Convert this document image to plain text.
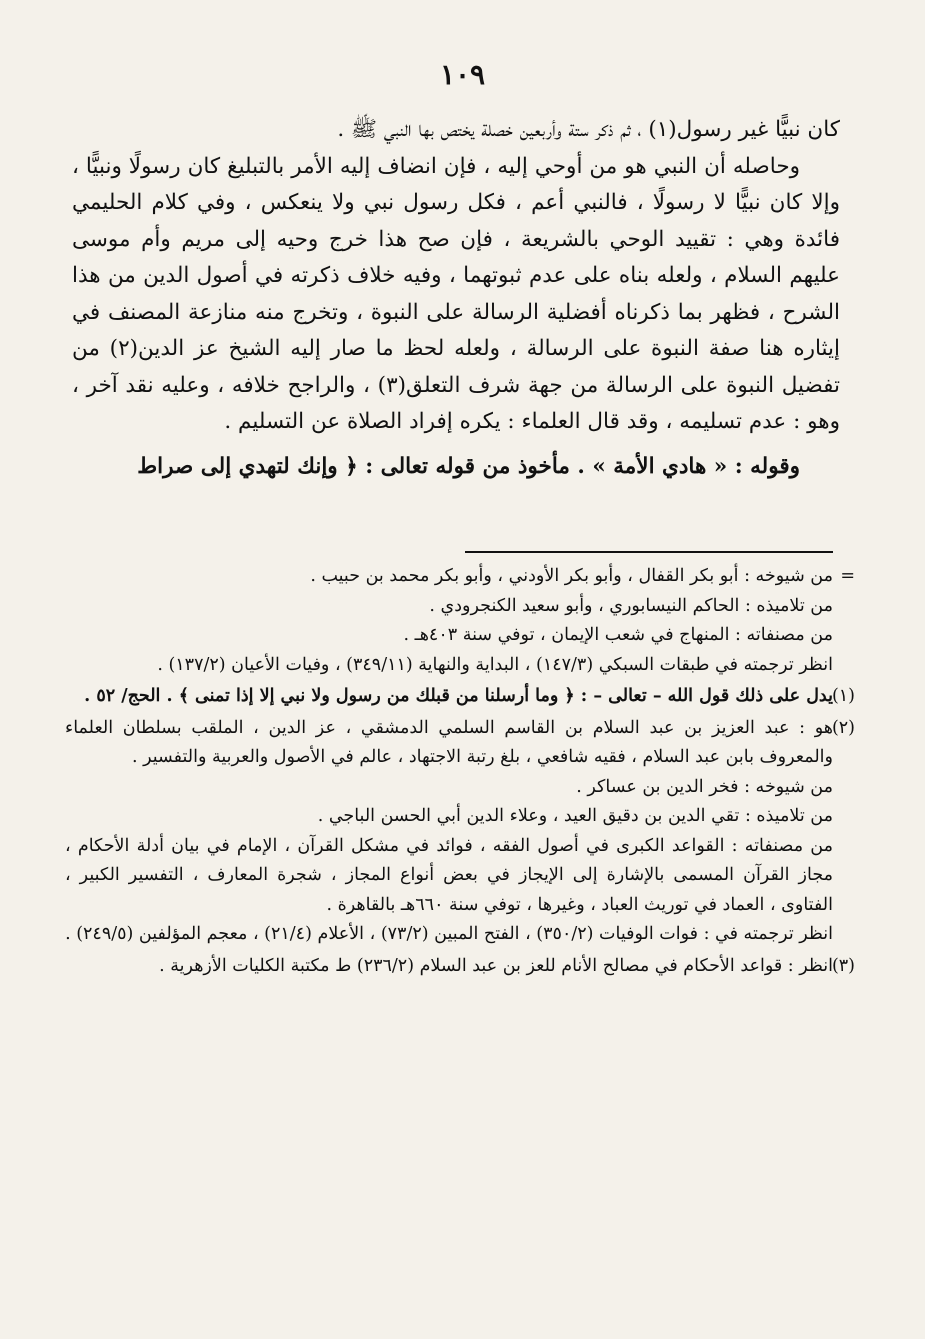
١٠٩

كان نبيًّا غير رسول(١) ، ثم ذكر ستة وأربعين خصلة يختص بها النبي ﷺ .

وحاصله أن النبي هو من أوحي إليه ، فإن انضاف إليه الأمر بالتبليغ كان رسولًا ونبيًّا ، وإلا كان نبيًّا لا رسولًا ، فالنبي أعم ، فكل رسول نبي ولا ينعكس ، وفي كلام الحليمي فائدة وهي : تقييد الوحي بالشريعة ، فإن صح هذا خرج وحيه إلى مريم وأم موسى عليهم السلام ، ولعله بناه على عدم ثبوتهما ، وفيه خلاف ذكرته في أصول الدين من هذا الشرح ، فظهر بما ذكرناه أفضلية الرسالة على النبوة ، وتخرج منه منازعة المصنف في إيثاره هنا صفة النبوة على الرسالة ، ولعله لحظ ما صار إليه الشيخ عز الدين(٢) من تفضيل النبوة على الرسالة من جهة شرف التعلق(٣) ، والراجح خلافه ، وعليه نقد آخر ، وهو : عدم تسليمه ، وقد قال العلماء : يكره إفراد الصلاة عن التسليم .

وقوله : « هادي الأمة » . مأخوذ من قوله تعالى : ﴿ وإنك لتهدي إلى صراط

=

من شيوخه : أبو بكر القفال ، وأبو بكر الأودني ، وأبو بكر محمد بن حبيب .

من تلاميذه : الحاكم النيسابوري ، وأبو سعيد الكنجرودي .

من مصنفاته : المنهاج في شعب الإيمان ، توفي سنة ٤٠٣هـ .

انظر ترجمته في طبقات السبكي (١٤٧/٣) ، البداية والنهاية (٣٤٩/١١) ، وفيات الأعيان (١٣٧/٢) .

(١)

يدل على ذلك قول الله – تعالى – : ﴿ وما أرسلنا من قبلك من رسول ولا نبي إلا إذا تمنى ﴾ . الحج/ ٥٢ .

(٢)

هو : عبد العزيز بن عبد السلام بن القاسم السلمي الدمشقي ، عز الدين ، الملقب بسلطان العلماء والمعروف بابن عبد السلام ، فقيه شافعي ، بلغ رتبة الاجتهاد ، عالم في الأصول والعربية والتفسير .

من شيوخه : فخر الدين بن عساكر .

من تلاميذه : تقي الدين بن دقيق العيد ، وعلاء الدين أبي الحسن الباجي .

من مصنفاته : القواعد الكبرى في أصول الفقه ، فوائد في مشكل القرآن ، الإمام في بيان أدلة الأحكام ، مجاز القرآن المسمى بالإشارة إلى الإيجاز في بعض أنواع المجاز ، شجرة المعارف ، التفسير الكبير ، الفتاوى ، العماد في توريث العباد ، وغيرها ، توفي سنة ٦٦٠هـ بالقاهرة .

انظر ترجمته في : فوات الوفيات (٣٥٠/٢) ، الفتح المبين (٧٣/٢) ، الأعلام (٢١/٤) ، معجم المؤلفين (٢٤٩/٥) .

(٣)

انظر : قواعد الأحكام في مصالح الأنام للعز بن عبد السلام (٢٣٦/٢) ط مكتبة الكليات الأزهرية .
